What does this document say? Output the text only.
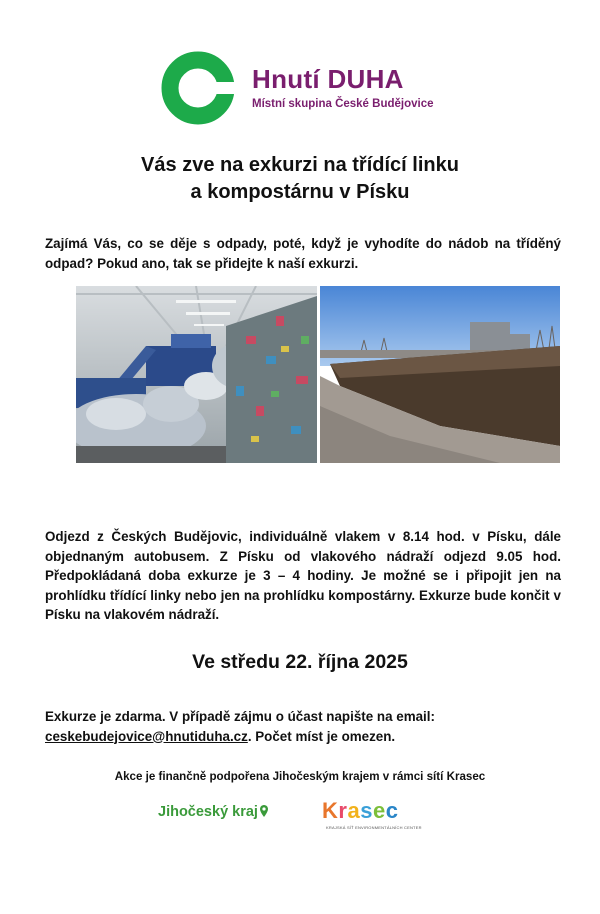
Hnutí DUHA
Místní skupina České Budějovice
Vás zve na exkurzi na třídící linku
a kompostárnu v Písku
Zajímá Vás, co se děje s odpady, poté, když je vyhodíte do nádob na tříděný odpad? Pokud ano, tak se přidejte k naší exkurzi.
Odjezd z Českých Budějovic, individuálně vlakem v 8.14 hod. v Písku, dále objednaným autobusem. Z Písku od vlakového nádraží odjezd 9.05 hod. Předpokládaná doba exkurze je 3 – 4 hodiny. Je možné se i připojit jen na prohlídku třídící linky nebo jen na prohlídku kompostárny. Exkurze bude končit v Písku na vlakovém nádraží.
Ve středu 22. října 2025
Exkurze je zdarma. V případě zájmu o účast napište na email: ceskebudejovice@hnutiduha.cz. Počet míst je omezen.
Akce je finančně podpořena Jihočeským krajem v rámci sítí Krasec
Jihočeský kraj	Krasec
KRAJSKÁ SÍŤ ENVIRONMENTÁLNÍCH CENTER
